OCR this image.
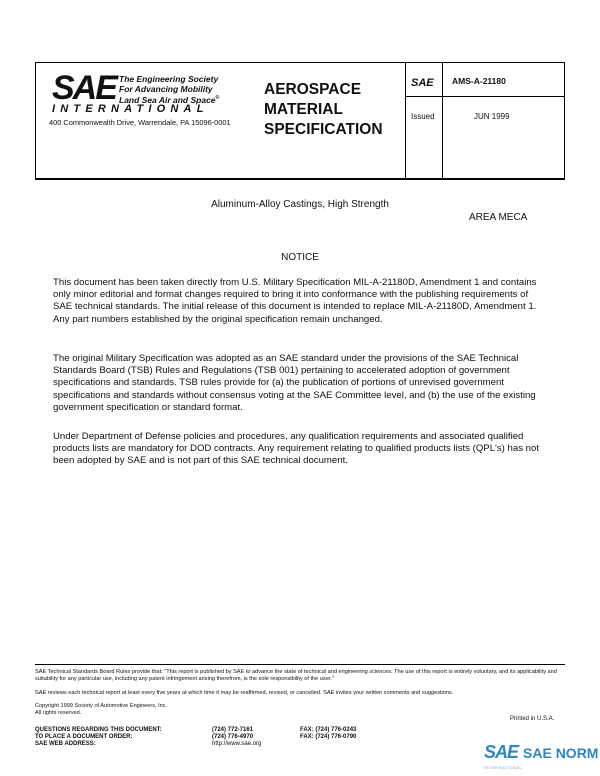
SAE The Engineering Society
For Advancing Mobility
Land Sea Air and Space®
INTERNATIONAL
400 Commonwealth Drive, Warrendale, PA 15096-0001
AEROSPACE
MATERIAL
SPECIFICATION
SAE AMS-A-21180
Issued	JUN 1999
Aluminum-Alloy Castings, High Strength
AREA MECA
NOTICE
This document has been taken directly from U.S. Military Specification MIL-A-21180D, Amendment 1 and contains only minor editorial and format changes required to bring it into conformance with the publishing requirements of SAE technical standards. The initial release of this document is intended to replace MIL-A-21180D, Amendment 1. Any part numbers established by the original specification remain unchanged.
The original Military Specification was adopted as an SAE standard under the provisions of the SAE Technical Standards Board (TSB) Rules and Regulations (TSB 001) pertaining to accelerated adoption of government specifications and standards. TSB rules provide for (a) the publication of portions of unrevised government specifications and standards without consensus voting at the SAE Committee level, and (b) the use of the existing government specification or standard format.
Under Department of Defense policies and procedures, any qualification requirements and associated qualified products lists are mandatory for DOD contracts. Any requirement relating to qualified products lists (QPL's) has not been adopted by SAE and is not part of this SAE technical document.
SAE Technical Standards Board Rules provide that: "This report is published by SAE to advance the state of technical and engineering sciences. The use of this report is entirely voluntary, and its applicability and suitability for any particular use, including any patent infringement arising therefrom, is the sole responsibility of the user."
SAE reviews each technical report at least every five years at which time it may be reaffirmed, revised, or cancelled. SAE invites your written comments and suggestions.
Copyright 1999 Society of Automotive Engineers, Inc.
All rights reserved.
Printed in U.S.A.
QUESTIONS REGARDING THIS DOCUMENT:
TO PLACE A DOCUMENT ORDER:
SAE WEB ADDRESS:
(724) 772-7161
(724) 776-4970
http://www.sae.org
FAX: (724) 776-0243
FAX: (724) 776-0790
SAE SAE NORM
INTERNATIONAL
